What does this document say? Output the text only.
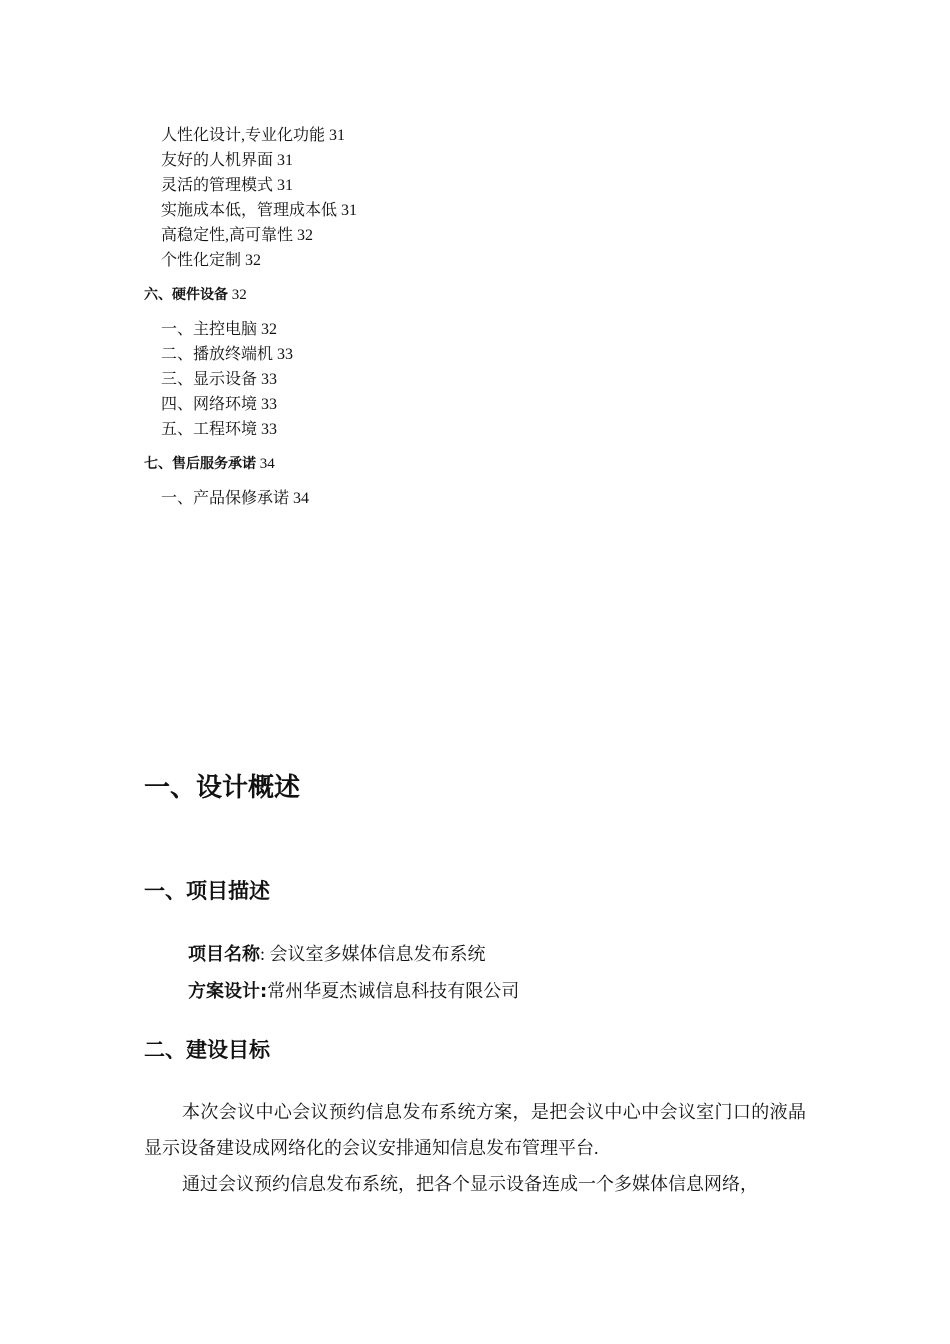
人性化设计,专业化功能 31
友好的人机界面 31
灵活的管理模式 31
实施成本低，管理成本低 31
高稳定性,高可靠性 32
个性化定制 32
六、硬件设备 32
一、主控电脑 32
二、播放终端机 33
三、显示设备 33
四、网络环境 33
五、工程环境 33
七、售后服务承诺 34
一、产品保修承诺 34
一、设计概述
一、项目描述
项目名称: 会议室多媒体信息发布系统
方案设计:常州华夏杰诚信息科技有限公司
二、建设目标

本次会议中心会议预约信息发布系统方案，是把会议中心中会议室门口的液晶显示设备建设成网络化的会议安排通知信息发布管理平台.

通过会议预约信息发布系统，把各个显示设备连成一个多媒体信息网络，
